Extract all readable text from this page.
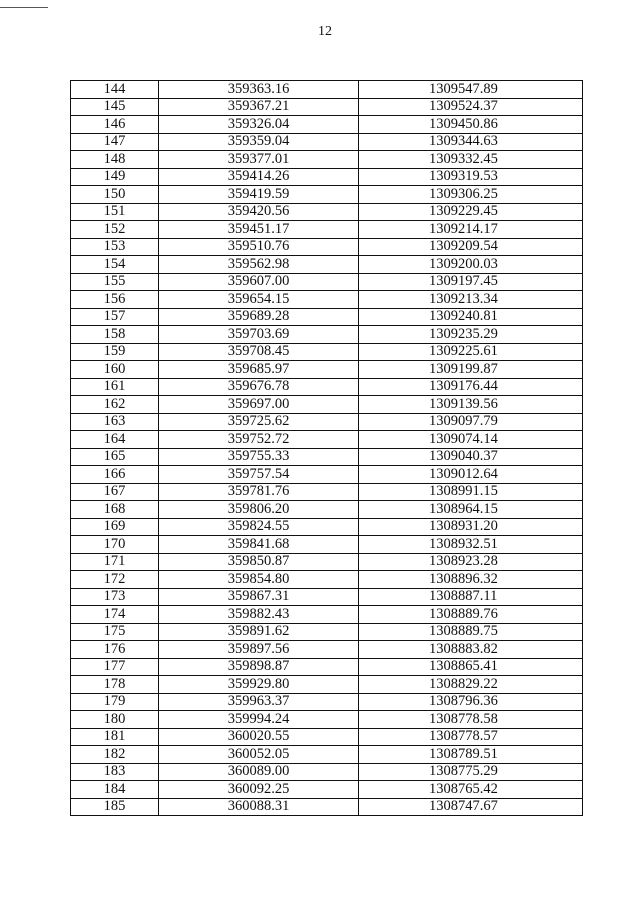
12
144	359363.16	1309547.89
145	359367.21	1309524.37
146	359326.04	1309450.86
147	359359.04	1309344.63
148	359377.01	1309332.45
149	359414.26	1309319.53
150	359419.59	1309306.25
151	359420.56	1309229.45
152	359451.17	1309214.17
153	359510.76	1309209.54
154	359562.98	1309200.03
155	359607.00	1309197.45
156	359654.15	1309213.34
157	359689.28	1309240.81
158	359703.69	1309235.29
159	359708.45	1309225.61
160	359685.97	1309199.87
161	359676.78	1309176.44
162	359697.00	1309139.56
163	359725.62	1309097.79
164	359752.72	1309074.14
165	359755.33	1309040.37
166	359757.54	1309012.64
167	359781.76	1308991.15
168	359806.20	1308964.15
169	359824.55	1308931.20
170	359841.68	1308932.51
171	359850.87	1308923.28
172	359854.80	1308896.32
173	359867.31	1308887.11
174	359882.43	1308889.76
175	359891.62	1308889.75
176	359897.56	1308883.82
177	359898.87	1308865.41
178	359929.80	1308829.22
179	359963.37	1308796.36
180	359994.24	1308778.58
181	360020.55	1308778.57
182	360052.05	1308789.51
183	360089.00	1308775.29
184	360092.25	1308765.42
185	360088.31	1308747.67
